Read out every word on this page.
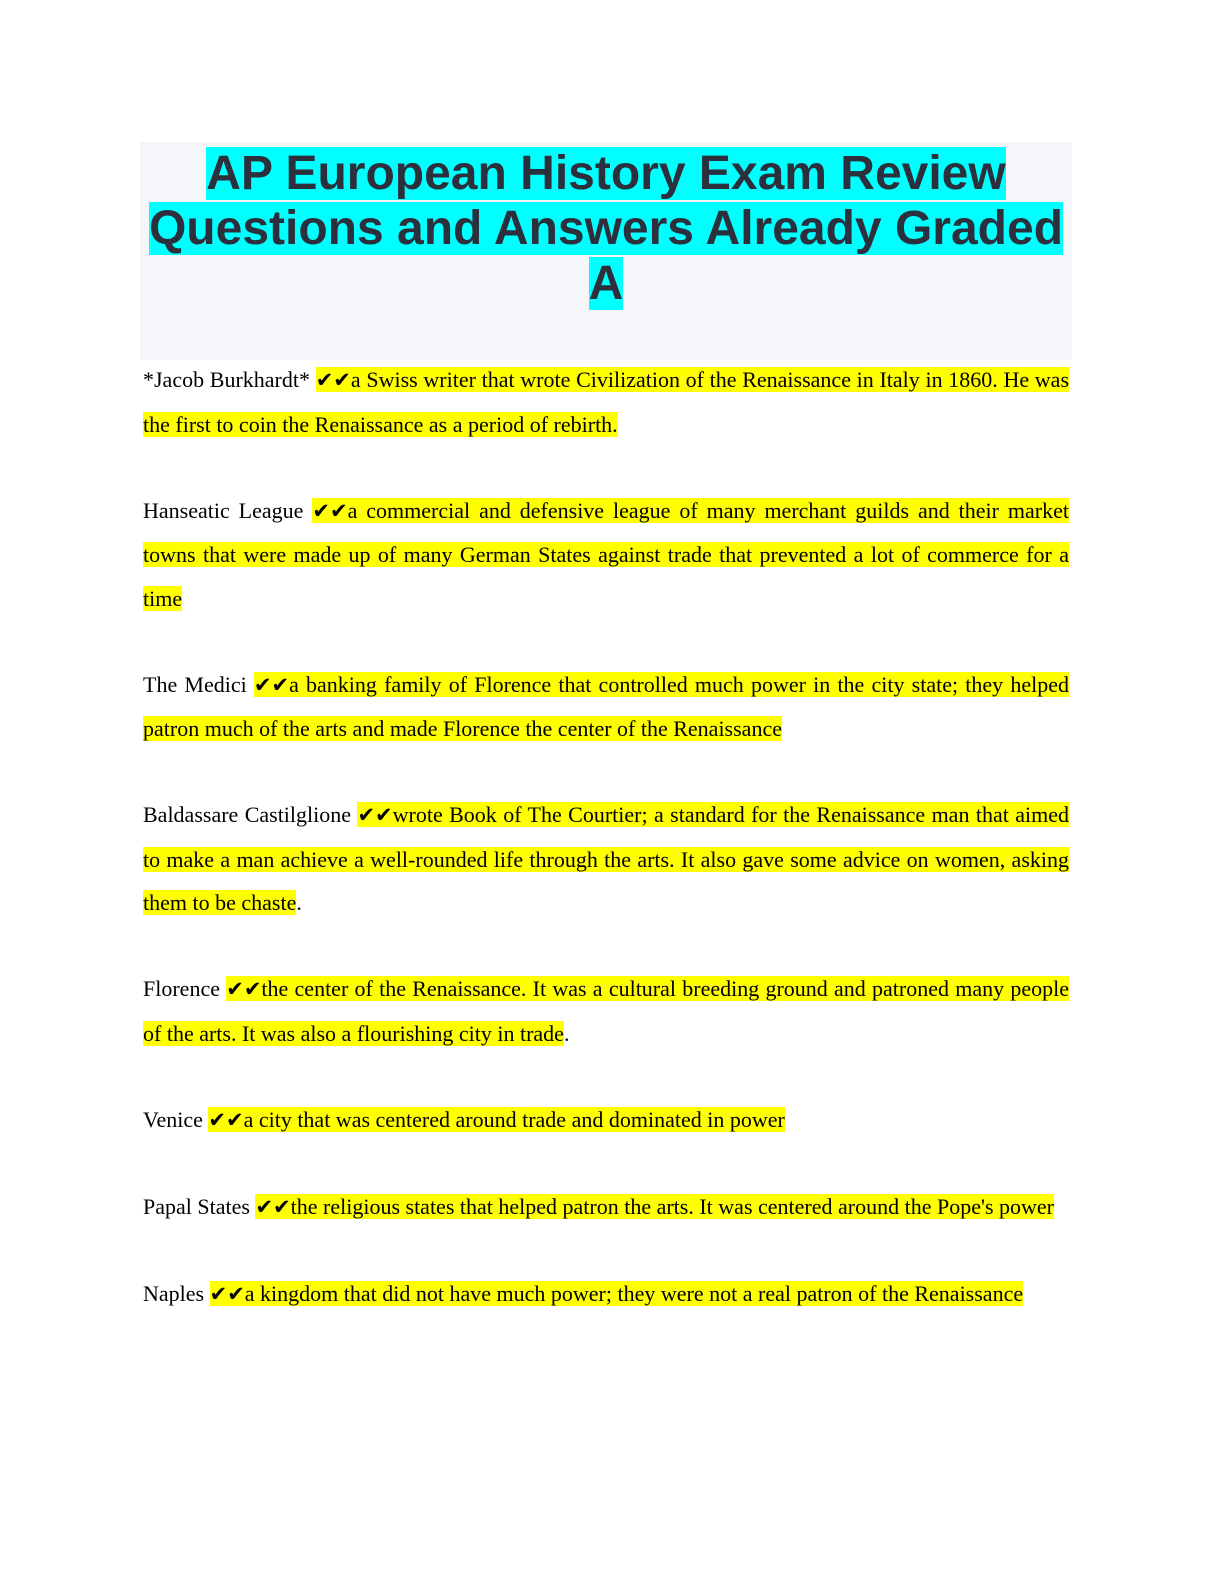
AP European History Exam Review Questions and Answers Already Graded A

*Jacob Burkhardt* ✔✔a Swiss writer that wrote Civilization of the Renaissance in Italy in 1860. He was the first to coin the Renaissance as a period of rebirth.

Hanseatic League ✔✔a commercial and defensive league of many merchant guilds and their market towns that were made up of many German States against trade that prevented a lot of commerce for a time

The Medici ✔✔a banking family of Florence that controlled much power in the city state; they helped patron much of the arts and made Florence the center of the Renaissance

Baldassare Castilglione ✔✔wrote Book of The Courtier; a standard for the Renaissance man that aimed to make a man achieve a well-rounded life through the arts. It also gave some advice on women, asking them to be chaste.

Florence ✔✔the center of the Renaissance. It was a cultural breeding ground and patroned many people of the arts. It was also a flourishing city in trade.

Venice ✔✔a city that was centered around trade and dominated in power

Papal States ✔✔the religious states that helped patron the arts. It was centered around the Pope's power

Naples ✔✔a kingdom that did not have much power; they were not a real patron of the Renaissance
